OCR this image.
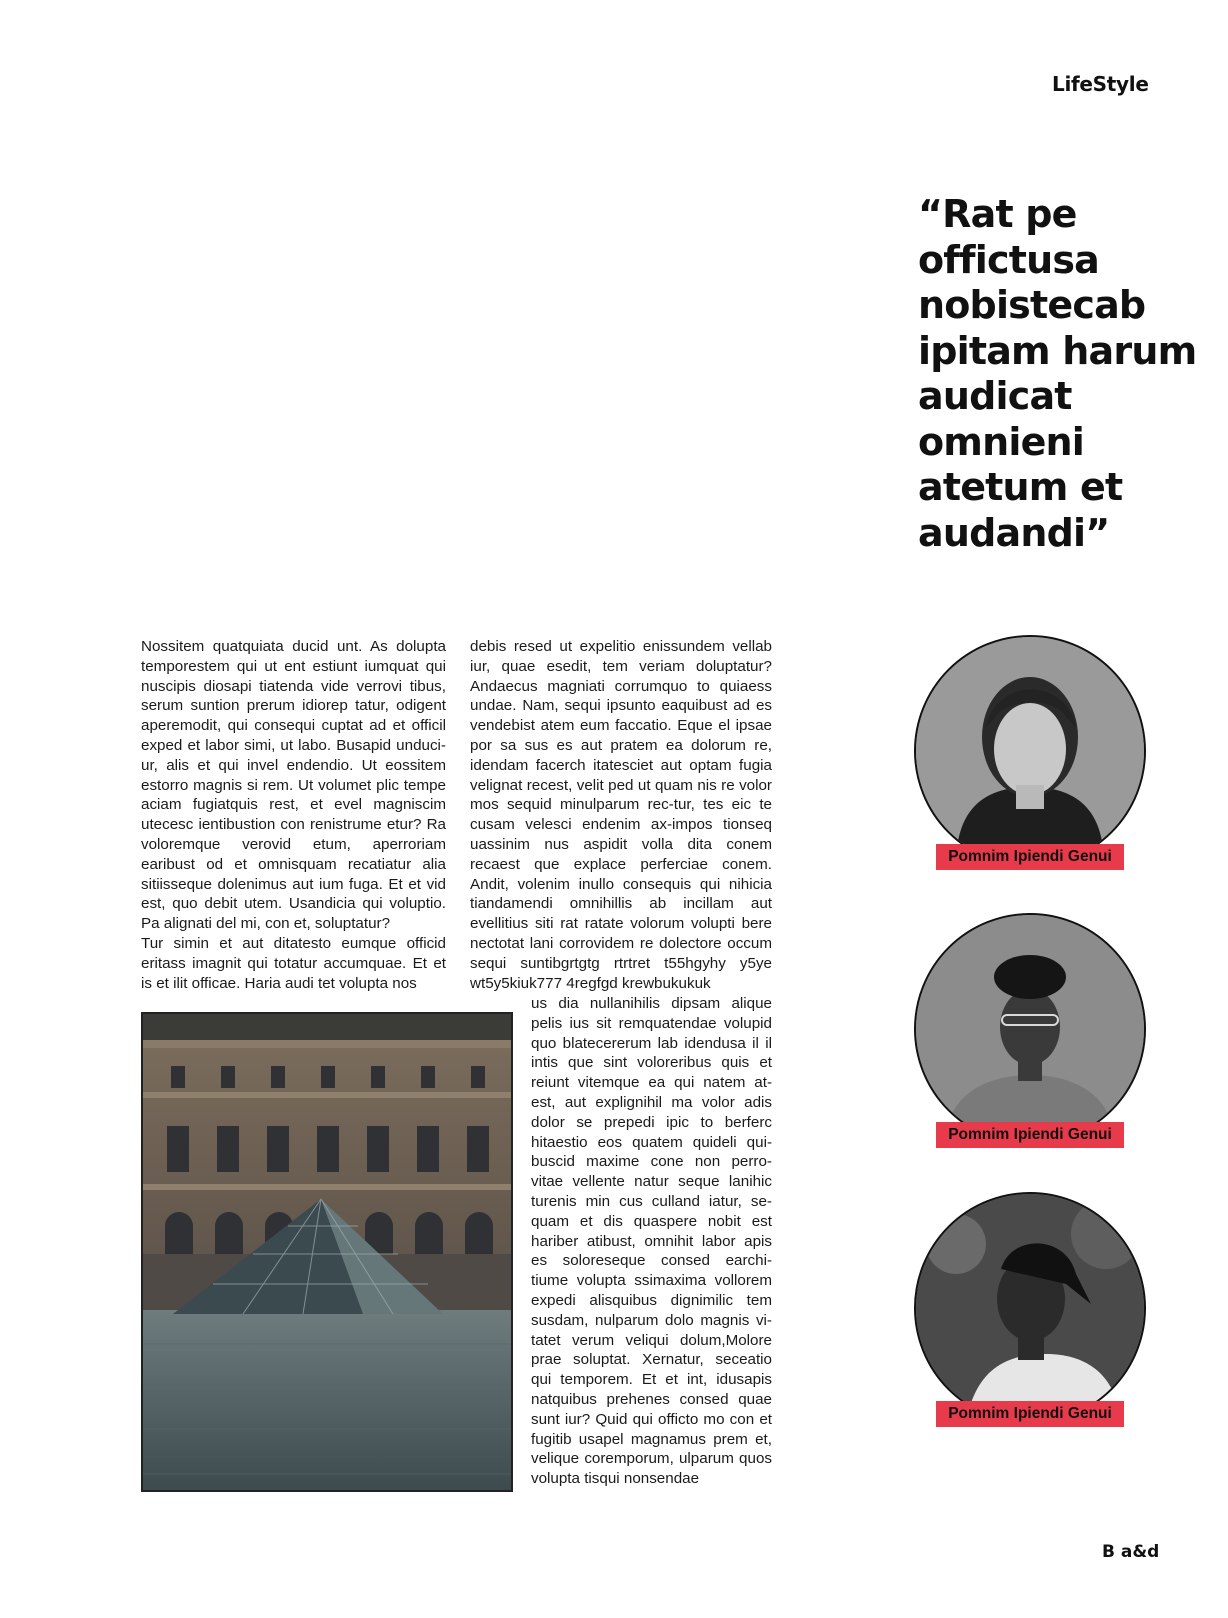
LifeStyle
“Rat pe offictusa nobistecab ipitam harum audicat omnieni atetum et audandi”

Nossitem quatquiata ducid unt. As dolupta temporestem qui ut ent estiunt iumquat qui nuscipis diosapi tiatenda vide verrovi tibus, serum suntion prerum idiorep tatur, odigent aperemodit, qui consequi cuptat ad et officil exped et labor simi, ut labo. Busapid unduci-ur, alis et qui invel endendio. Ut eossitem estorro magnis si rem. Ut volumet plic tempe aciam fugiatquis rest, et evel magniscim utecesc ientibustion con renistrume etur? Ra voloremque verovid etum, aperroriam earibust od et omnisquam recatiatur alia sitiisseque dolenimus aut ium fuga. Et et vid est, quo debit utem. Usandicia qui voluptio. Pa alignati del mi, con et, soluptatur?

Tur simin et aut ditatesto eumque officid eritass imagnit qui totatur accumquae. Et et is et ilit officae. Haria audi tet volupta nos

debis resed ut expelitio enissundem vellab iur, quae esedit, tem veriam doluptatur? Andaecus magniati corrumquo to quiaess undae. Nam, sequi ipsunto eaquibust ad es vendebist atem eum faccatio. Eque el ipsae por sa sus es aut pratem ea dolorum re, idendam facerch itatesciet aut optam fugia velignat recest, velit ped ut quam nis re volor mos sequid minulparum rec-tur, tes eic te cusam velesci endenim ax-impos tionseq uassinim nus aspidit volla dita conem recaest que explace perferciae conem. Andit, volenim inullo consequis qui nihicia tiandamendi omnihillis ab incillam aut evellitius siti rat ratate volorum volupti bere nectotat lani corrovidem re dolectore occum sequi suntibgrtgtg rtrtret t55hgyhy y5ye wt5y5kiuk777 4regfgd krewbukukuk

us dia nullanihilis dipsam alique pelis ius sit remquatendae volupid quo blatecererum lab idendusa il il intis que sint voloreribus quis et reiunt vitemque ea qui natem at-est, aut explignihil ma volor adis dolor se prepedi ipic to berferc hitaestio eos quatem quideli qui-buscid maxime cone non perro-vitae vellente natur seque lanihic turenis min cus culland iatur, se-quam et dis quaspere nobit est hariber atibust, omnihit labor apis es soloreseque consed earchi-tiume volupta ssimaxima vollorem expedi alisquibus dignimilic tem susdam, nulparum dolo magnis vi-tatet verum veliqui dolum,Molore prae soluptat. Xernatur, seceatio qui temporem. Et et int, idusapis natquibus prehenes consed quae sunt iur? Quid qui officto mo con et fugitib usapel magnamus prem et, velique coremporum, ulparum quos volupta tisqui nonsendae

Pomnim Ipiendi Genui
Pomnim Ipiendi Genui
Pomnim Ipiendi Genui
B a&d
